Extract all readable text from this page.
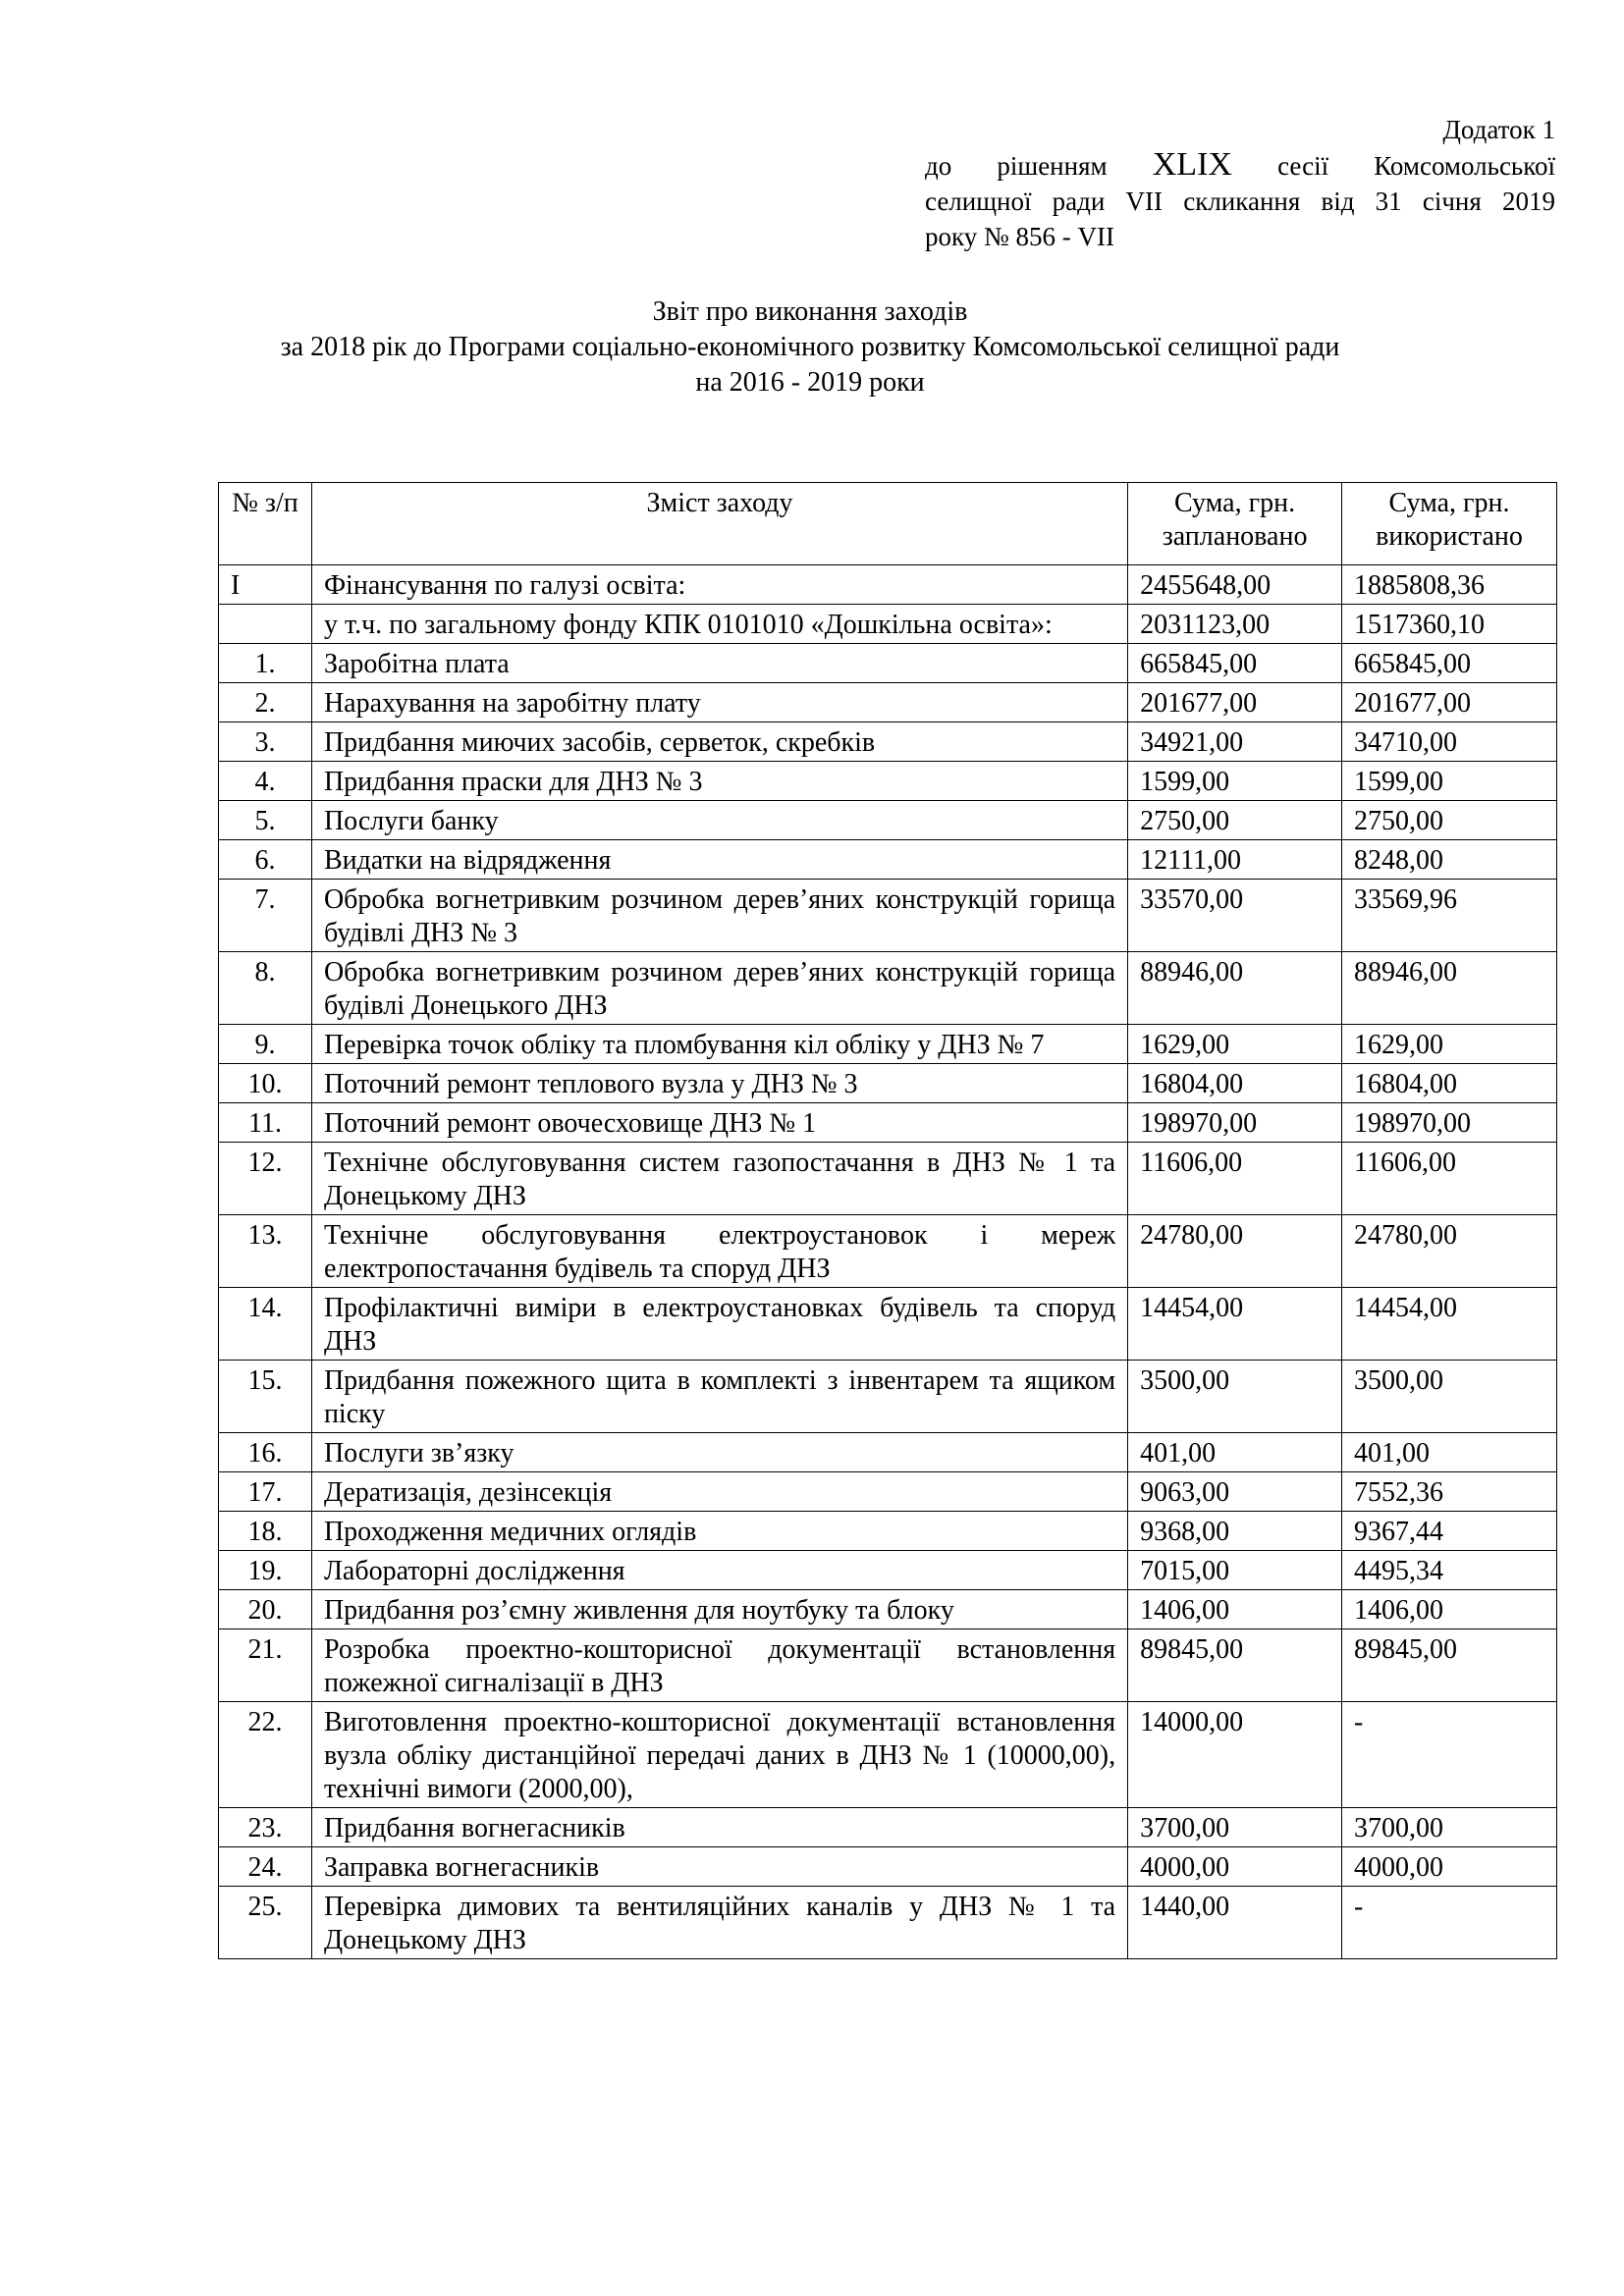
Додаток 1
до рішенням XLIX сесії Комсомольської
селищної ради VII скликання від 31 січня 2019
року № 856 - VII
Звіт про виконання заходів
за 2018 рік до Програми соціально-економічного розвитку Комсомольської селищної ради
на 2016 - 2019 роки
№ з/п	Зміст заходу	Сума, грн. заплановано	Сума, грн. використано
I	Фінансування по галузі освіта:	2455648,00	1885808,36
	у т.ч. по загальному фонду КПК 0101010 «Дошкільна освіта»:	2031123,00	1517360,10
1.	Заробітна плата	665845,00	665845,00
2.	Нарахування на заробітну плату	201677,00	201677,00
3.	Придбання миючих засобів, серветок, скребків	34921,00	34710,00
4.	Придбання праски для ДНЗ № 3	1599,00	1599,00
5.	Послуги банку	2750,00	2750,00
6.	Видатки на відрядження	12111,00	8248,00
7.	Обробка вогнетривким розчином дерев’яних конструкцій горища будівлі ДНЗ № 3	33570,00	33569,96
8.	Обробка вогнетривким розчином дерев’яних конструкцій горища будівлі Донецького ДНЗ	88946,00	88946,00
9.	Перевірка точок обліку та пломбування кіл обліку у ДНЗ № 7	1629,00	1629,00
10.	Поточний ремонт теплового вузла у ДНЗ № 3	16804,00	16804,00
11.	Поточний ремонт овочесховище ДНЗ № 1	198970,00	198970,00
12.	Технічне обслуговування систем газопостачання в ДНЗ № 1 та Донецькому ДНЗ	11606,00	11606,00
13.	Технічне обслуговування електроустановок і мереж електропостачання будівель та споруд ДНЗ	24780,00	24780,00
14.	Профілактичні виміри в електроустановках будівель та споруд ДНЗ	14454,00	14454,00
15.	Придбання пожежного щита в комплекті з інвентарем та ящиком піску	3500,00	3500,00
16.	Послуги зв’язку	401,00	401,00
17.	Дератизація, дезінсекція	9063,00	7552,36
18.	Проходження медичних оглядів	9368,00	9367,44
19.	Лабораторні дослідження	7015,00	4495,34
20.	Придбання роз’ємну живлення для ноутбуку та блоку	1406,00	1406,00
21.	Розробка проектно-кошторисної документації встановлення пожежної сигналізації в ДНЗ	89845,00	89845,00
22.	Виготовлення проектно-кошторисної документації встановлення вузла обліку дистанційної передачі даних в ДНЗ № 1 (10000,00), технічні вимоги (2000,00),	14000,00	-
23.	Придбання вогнегасників	3700,00	3700,00
24.	Заправка вогнегасників	4000,00	4000,00
25.	Перевірка димових та вентиляційних каналів у ДНЗ № 1 та Донецькому ДНЗ	1440,00	-
